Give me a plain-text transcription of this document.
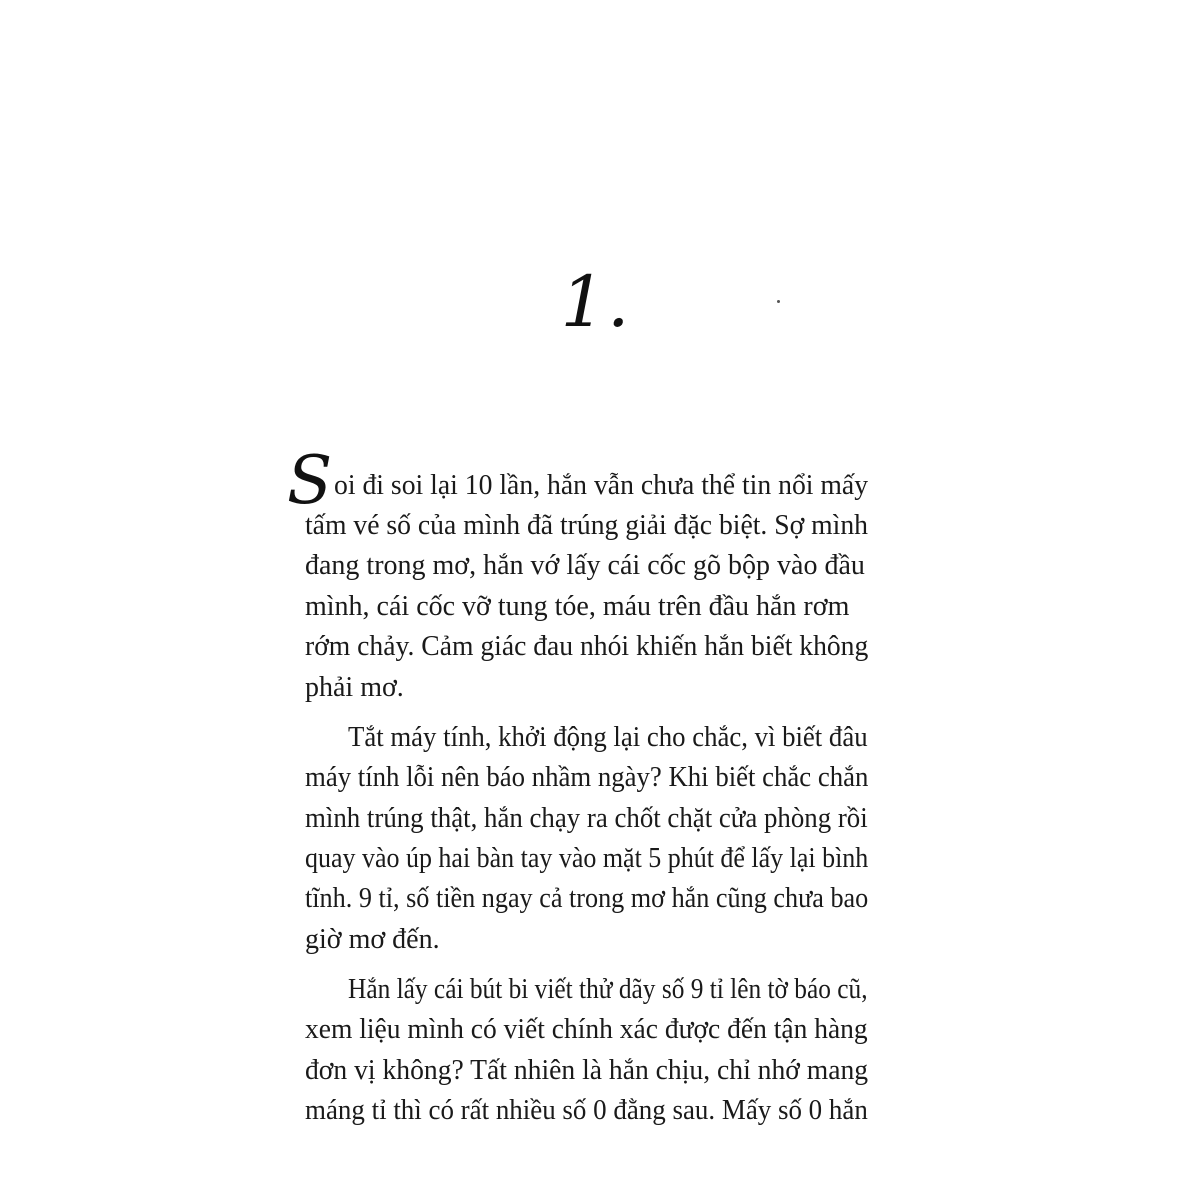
1.
S oi đi soi lại 10 lần, hắn vẫn chưa thể tin nổi mấy
tấm vé số của mình đã trúng giải đặc biệt. Sợ mình
đang trong mơ, hắn vớ lấy cái cốc gõ bộp vào đầu
mình, cái cốc vỡ tung tóe, máu trên đầu hắn rơm
rớm chảy. Cảm giác đau nhói khiến hắn biết không
phải mơ.
Tắt máy tính, khởi động lại cho chắc, vì biết đâu
máy tính lỗi nên báo nhầm ngày? Khi biết chắc chắn
mình trúng thật, hắn chạy ra chốt chặt cửa phòng rồi
quay vào úp hai bàn tay vào mặt 5 phút để lấy lại bình
tĩnh. 9 tỉ, số tiền ngay cả trong mơ hắn cũng chưa bao
giờ mơ đến.
Hắn lấy cái bút bi viết thử dãy số 9 tỉ lên tờ báo cũ,
xem liệu mình có viết chính xác được đến tận hàng
đơn vị không? Tất nhiên là hắn chịu, chỉ nhớ mang
máng tỉ thì có rất nhiều số 0 đằng sau. Mấy số 0 hắn
